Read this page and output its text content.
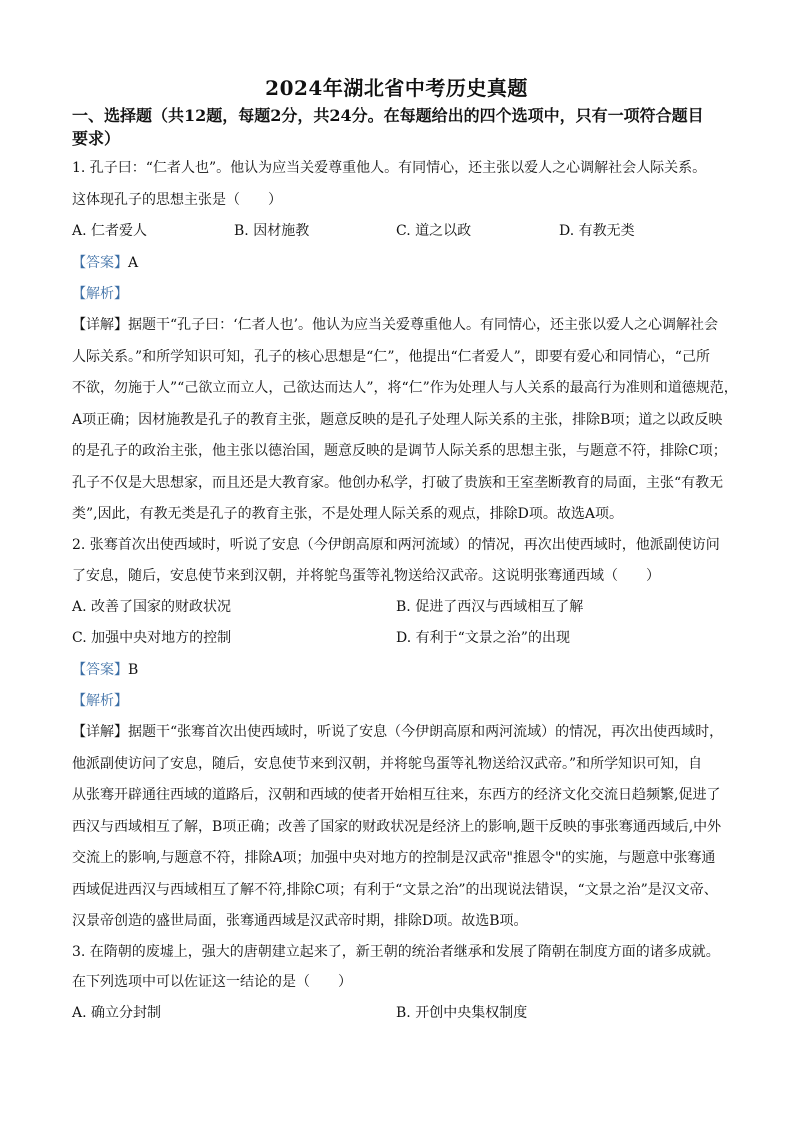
2024年湖北省中考历史真题
一、选择题（共12题，每题2分，共24分。在每题给出的四个选项中，只有一项符合题目
要求）
1. 孔子曰：“仁者人也”。他认为应当关爱尊重他人。有同情心，还主张以爱人之心调解社会人际关系。
这体现孔子的思想主张是（　　）
A. 仁者爱人	B. 因材施教	C. 道之以政	D. 有教无类
【答案】A
【解析】
【详解】据题干“孔子曰：‘仁者人也’。他认为应当关爱尊重他人。有同情心，还主张以爱人之心调解社会
人际关系。”和所学知识可知，孔子的核心思想是“仁”，他提出“仁者爱人”，即要有爱心和同情心，“己所
不欲，勿施于人”“己欲立而立人，己欲达而达人”，将“仁”作为处理人与人关系的最高行为准则和道德规范，
A项正确；因材施教是孔子的教育主张，题意反映的是孔子处理人际关系的主张，排除B项；道之以政反映
的是孔子的政治主张，他主张以德治国，题意反映的是调节人际关系的思想主张，与题意不符，排除C项；
孔子不仅是大思想家，而且还是大教育家。他创办私学，打破了贵族和王室垄断教育的局面，主张“有教无
类”,因此，有教无类是孔子的教育主张，不是处理人际关系的观点，排除D项。故选A项。
2. 张骞首次出使西域时，听说了安息（今伊朗高原和两河流域）的情况，再次出使西域时，他派副使访问
了安息，随后，安息使节来到汉朝，并将鸵鸟蛋等礼物送给汉武帝。这说明张骞通西域（　　）
A. 改善了国家的财政状况	B. 促进了西汉与西域相互了解
C. 加强中央对地方的控制	D. 有利于“文景之治”的出现
【答案】B
【解析】
【详解】据题干“张骞首次出使西域时，听说了安息（今伊朗高原和两河流域）的情况，再次出使西域时，
他派副使访问了安息，随后，安息使节来到汉朝，并将鸵鸟蛋等礼物送给汉武帝。”和所学知识可知，自
从张骞开辟通往西域的道路后，汉朝和西域的使者开始相互往来，东西方的经济文化交流日趋频繁,促进了
西汉与西域相互了解，B项正确；改善了国家的财政状况是经济上的影响,题干反映的事张骞通西域后,中外
交流上的影响,与题意不符，排除A项；加强中央对地方的控制是汉武帝"推恩令"的实施，与题意中张骞通
西域促进西汉与西域相互了解不符,排除C项；有利于“文景之治”的出现说法错误，“文景之治”是汉文帝、
汉景帝创造的盛世局面，张骞通西域是汉武帝时期，排除D项。故选B项。
3. 在隋朝的废墟上，强大的唐朝建立起来了，新王朝的统治者继承和发展了隋朝在制度方面的诸多成就。
在下列选项中可以佐证这一结论的是（　　）
A. 确立分封制	B. 开创中央集权制度
